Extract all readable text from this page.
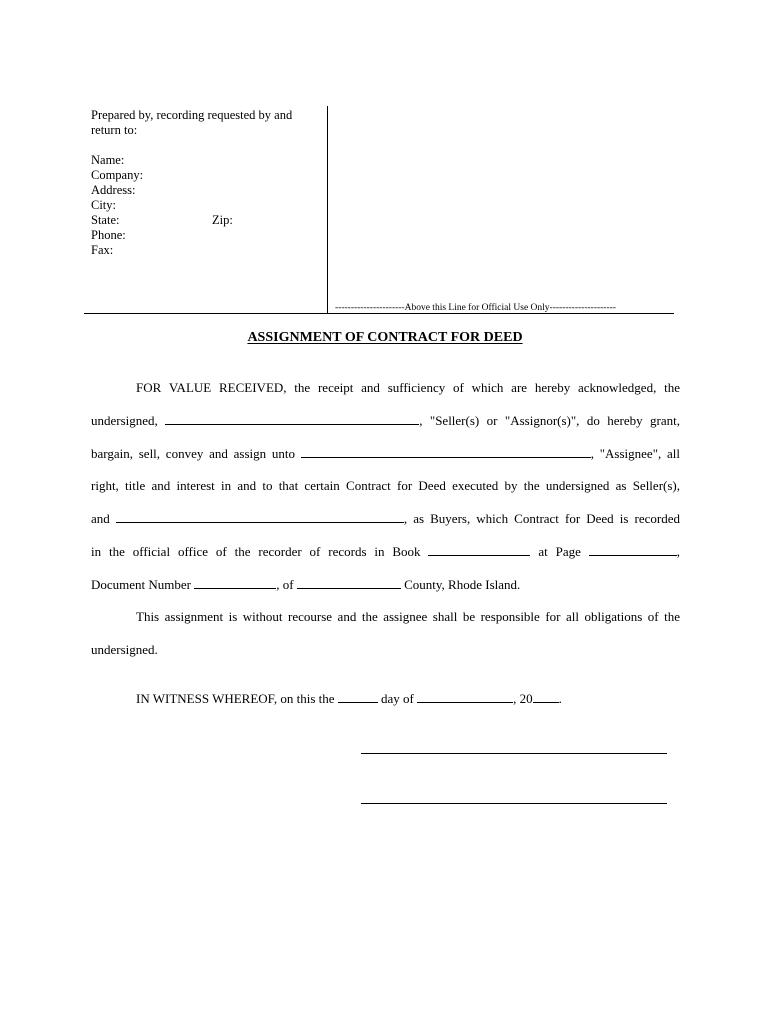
Prepared by, recording requested by and return to:
Name:
Company:
Address:
City:
State:	Zip:
Phone:
Fax:
----------------------Above this Line for Official Use Only---------------------
ASSIGNMENT OF CONTRACT FOR DEED
FOR VALUE RECEIVED, the receipt and sufficiency of which are hereby acknowledged, the
undersigned,	, "Seller(s) or "Assignor(s)", do hereby grant,
bargain, sell, convey and assign unto	, "Assignee", all
right, title and interest in and to that certain Contract for Deed executed by the undersigned as Seller(s),
and	, as Buyers, which Contract for Deed is recorded
in the official office of the recorder of records in Book	at Page	,
Document Number	, of	County, Rhode Island.
This assignment is without recourse and the assignee shall be responsible for all obligations of the
undersigned.
IN WITNESS WHEREOF, on this the	day of	, 20 .
